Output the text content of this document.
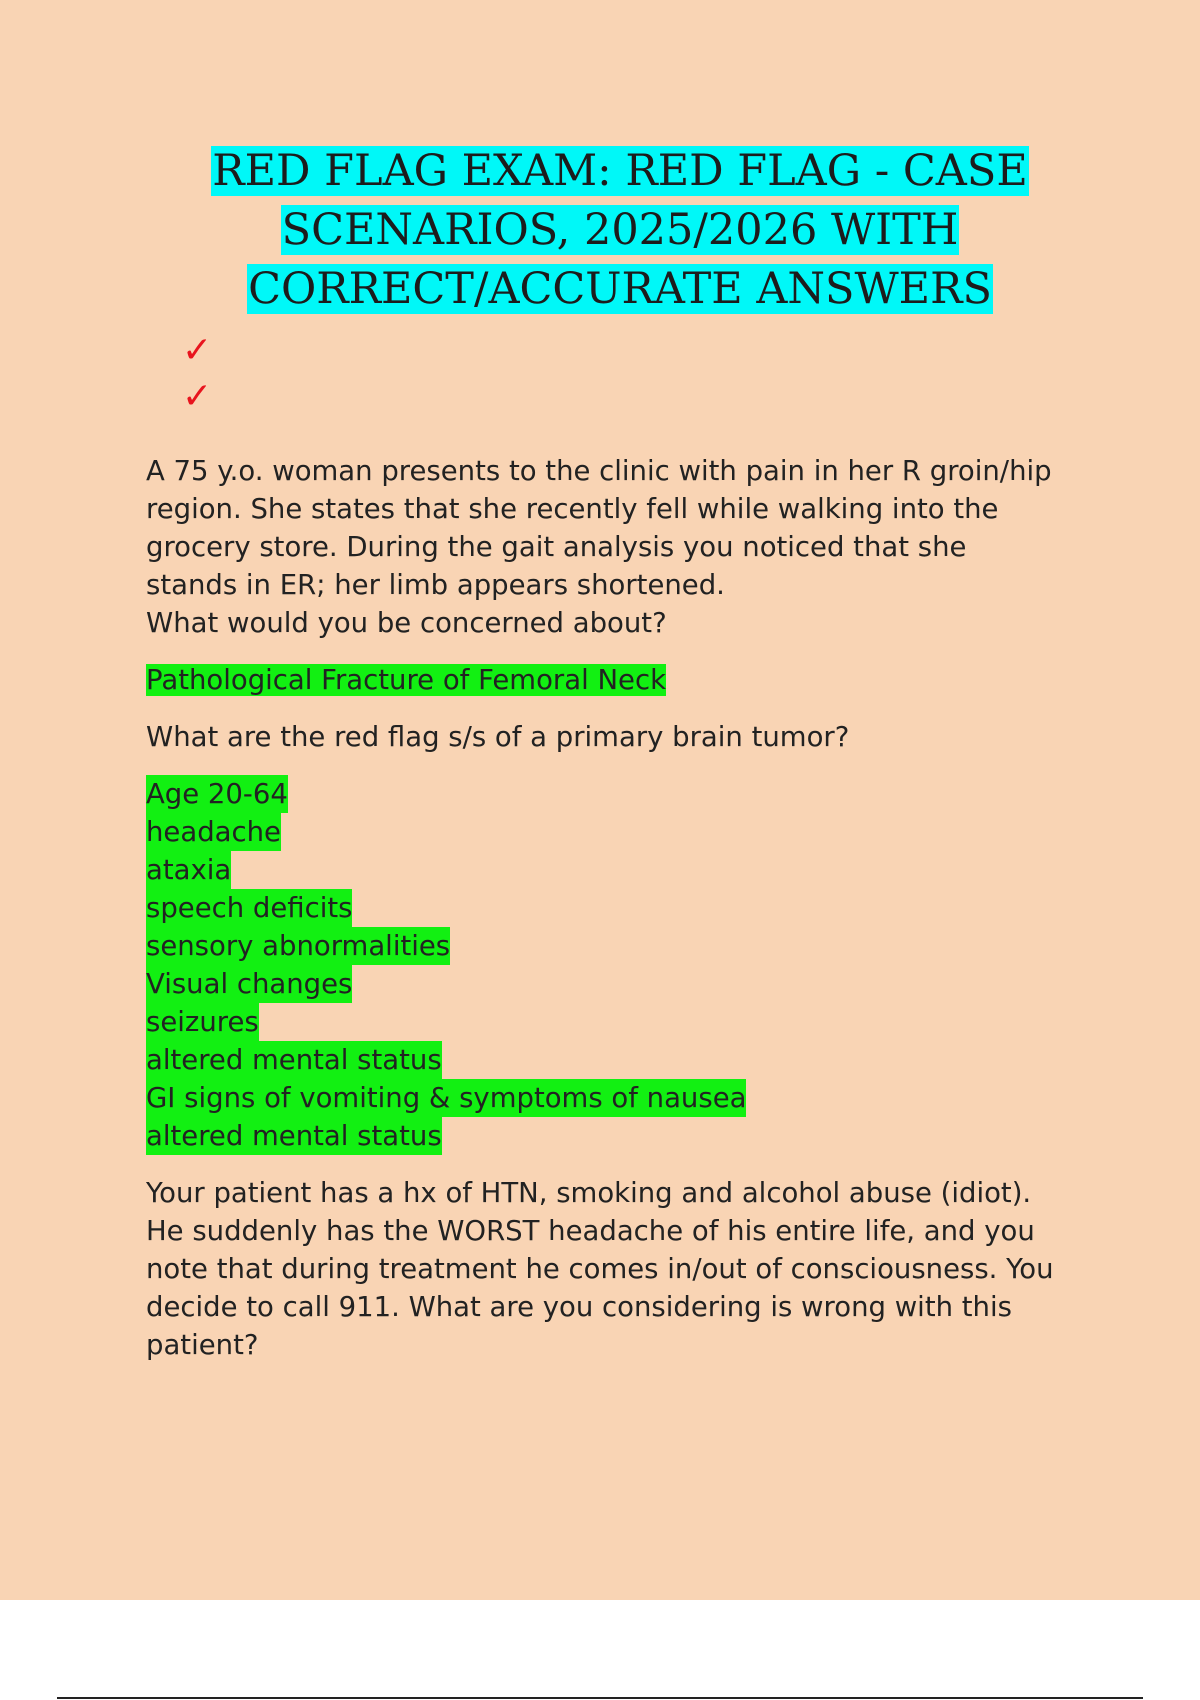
RED FLAG EXAM: RED FLAG - CASE
SCENARIOS, 2025/2026 WITH
CORRECT/ACCURATE ANSWERS
✓
✓

A 75 y.o. woman presents to the clinic with pain in her R groin/hip
region. She states that she recently fell while walking into the
grocery store. During the gait analysis you noticed that she
stands in ER; her limb appears shortened.
What would you be concerned about?

Pathological Fracture of Femoral Neck

What are the red flag s/s of a primary brain tumor?

Age 20-64
headache
ataxia
speech deficits
sensory abnormalities
Visual changes
seizures
altered mental status
GI signs of vomiting & symptoms of nausea
altered mental status

Your patient has a hx of HTN, smoking and alcohol abuse (idiot).
He suddenly has the WORST headache of his entire life, and you
note that during treatment he comes in/out of consciousness. You
decide to call 911. What are you considering is wrong with this
patient?
